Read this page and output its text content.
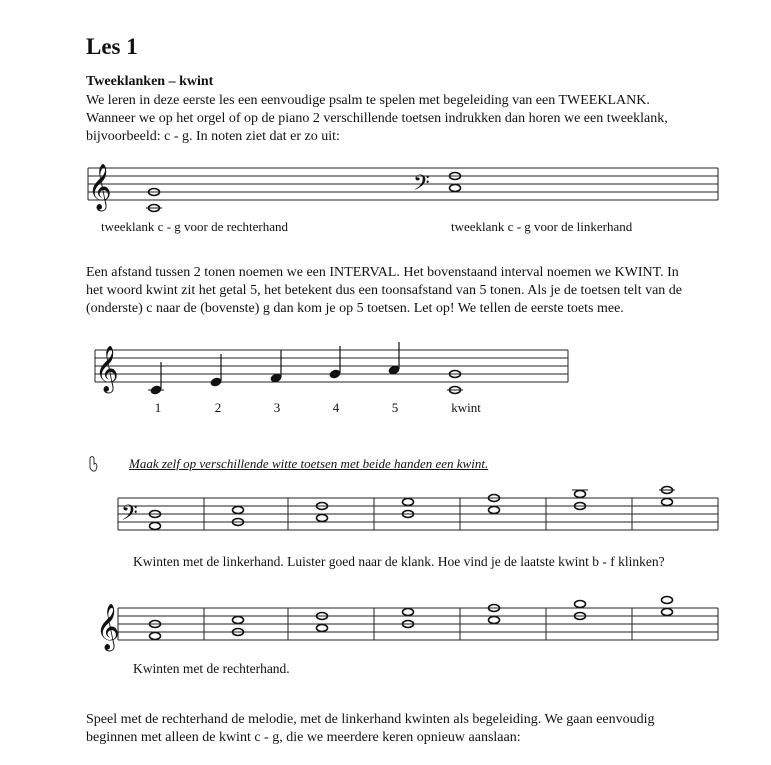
Les 1
Tweeklanken – kwint
We leren in deze eerste les een eenvoudige psalm te spelen met begeleiding van een TWEEKLANK.
Wanneer we op het orgel of op de piano 2 verschillende toetsen indrukken dan horen we een tweeklank,
bijvoorbeeld: c - g. In noten ziet dat er zo uit:
𝄞	𝄢
𝄞
𝄢
𝄞
tweeklank c - g voor de rechterhand	tweeklank c - g voor de linkerhand
Een afstand tussen 2 tonen noemen we een INTERVAL. Het bovenstaand interval noemen we KWINT. In
het woord kwint zit het getal 5, het betekent dus een toonsafstand van 5 tonen. Als je de toetsen telt van de
(onderste) c naar de (bovenste) g dan kom je op 5 toetsen. Let op! We tellen de eerste toets mee.
1	2	3	4	5	kwint
Maak zelf op verschillende witte toetsen met beide handen een kwint.
Kwinten met de linkerhand. Luister goed naar de klank. Hoe vind je de laatste kwint b - f klinken?
Kwinten met de rechterhand.
Speel met de rechterhand de melodie, met de linkerhand kwinten als begeleiding. We gaan eenvoudig
beginnen met alleen de kwint c - g, die we meerdere keren opnieuw aanslaan:
